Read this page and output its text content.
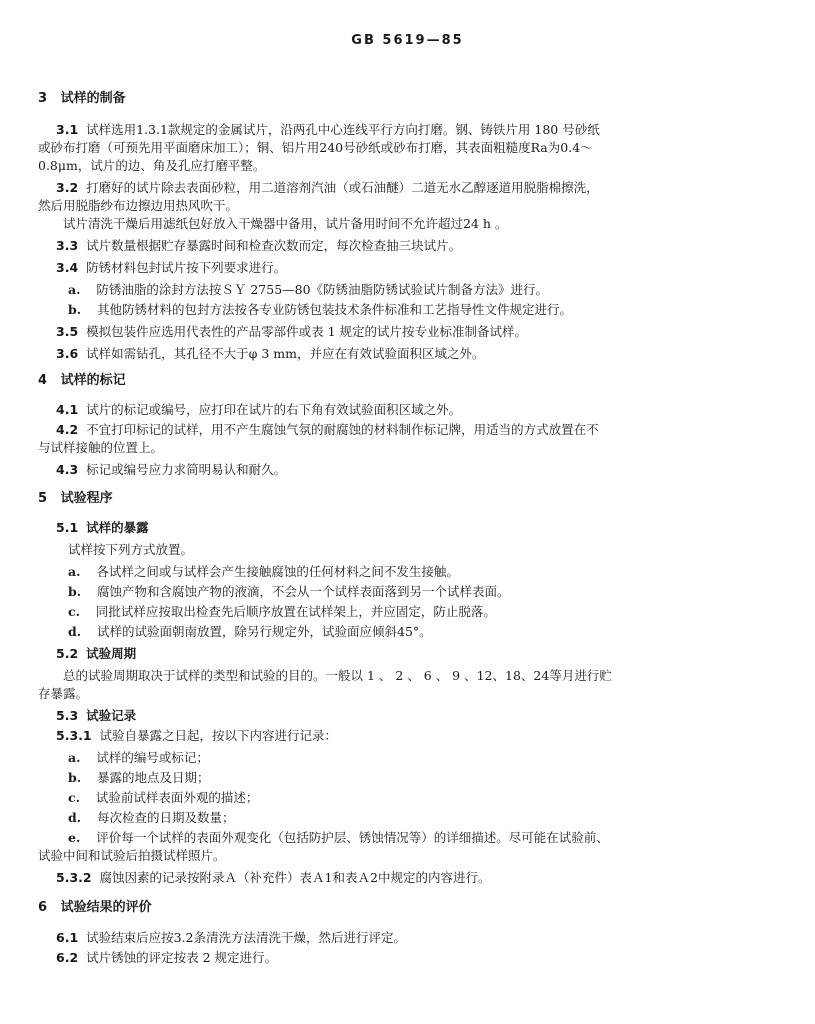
GB 5619—85
3 试样的制备
3.1 试样选用1.3.1款规定的金属试片，沿两孔中心连线平行方向打磨。钢、铸铁片用 180 号砂纸
或砂布打磨（可预先用平面磨床加工）；铜、铝片用240号砂纸或砂布打磨，其表面粗糙度Ra为0.4～
0.8μm，试片的边、角及孔应打磨平整。
3.2 打磨好的试片除去表面砂粒，用二道溶剂汽油（或石油醚）二道无水乙醇逐道用脱脂棉擦洗，
然后用脱脂纱布边擦边用热风吹干。
试片清洗干燥后用滤纸包好放入干燥器中备用，试片备用时间不允许超过24 h 。
3.3 试片数量根据贮存暴露时间和检查次数而定，每次检查抽三块试片。
3.4 防锈材料包封试片按下列要求进行。
a. 防锈油脂的涂封方法按ＳＹ 2755—80《防锈油脂防锈试验试片制备方法》进行。
b. 其他防锈材料的包封方法按各专业防锈包装技术条件标准和工艺指导性文件规定进行。
3.5 模拟包装件应选用代表性的产品零部件或表 1 规定的试片按专业标准制备试样。
3.6 试样如需钻孔，其孔径不大于φ 3 mm，并应在有效试验面积区域之外。
4 试样的标记
4.1 试片的标记或编号，应打印在试片的右下角有效试验面积区域之外。
4.2 不宜打印标记的试样，用不产生腐蚀气氛的耐腐蚀的材料制作标记牌，用适当的方式放置在不
与试样接触的位置上。
4.3 标记或编号应力求简明易认和耐久。
5 试验程序
5.1 试样的暴露
试样按下列方式放置。
a. 各试样之间或与试样会产生接触腐蚀的任何材料之间不发生接触。
b. 腐蚀产物和含腐蚀产物的液滴，不会从一个试样表面落到另一个试样表面。
c. 同批试样应按取出检查先后顺序放置在试样架上，并应固定，防止脱落。
d. 试样的试验面朝南放置，除另行规定外，试验面应倾斜45°。
5.2 试验周期
总的试验周期取决于试样的类型和试验的目的。一般以 1 、 2 、 6 、 9 、12、18、24等月进行贮
存暴露。
5.3 试验记录
5.3.1 试验自暴露之日起，按以下内容进行记录：
a. 试样的编号或标记；
b. 暴露的地点及日期；
c. 试验前试样表面外观的描述；
d. 每次检查的日期及数量；
e. 评价每一个试样的表面外观变化（包括防护层、锈蚀情况等）的详细描述。尽可能在试验前、
试验中间和试验后拍摄试样照片。
5.3.2 腐蚀因素的记录按附录Ａ（补充件）表Ａ1和表Ａ2中规定的内容进行。
6 试验结果的评价
6.1 试验结束后应按3.2条清洗方法清洗干燥，然后进行评定。
6.2 试片锈蚀的评定按表 2 规定进行。
